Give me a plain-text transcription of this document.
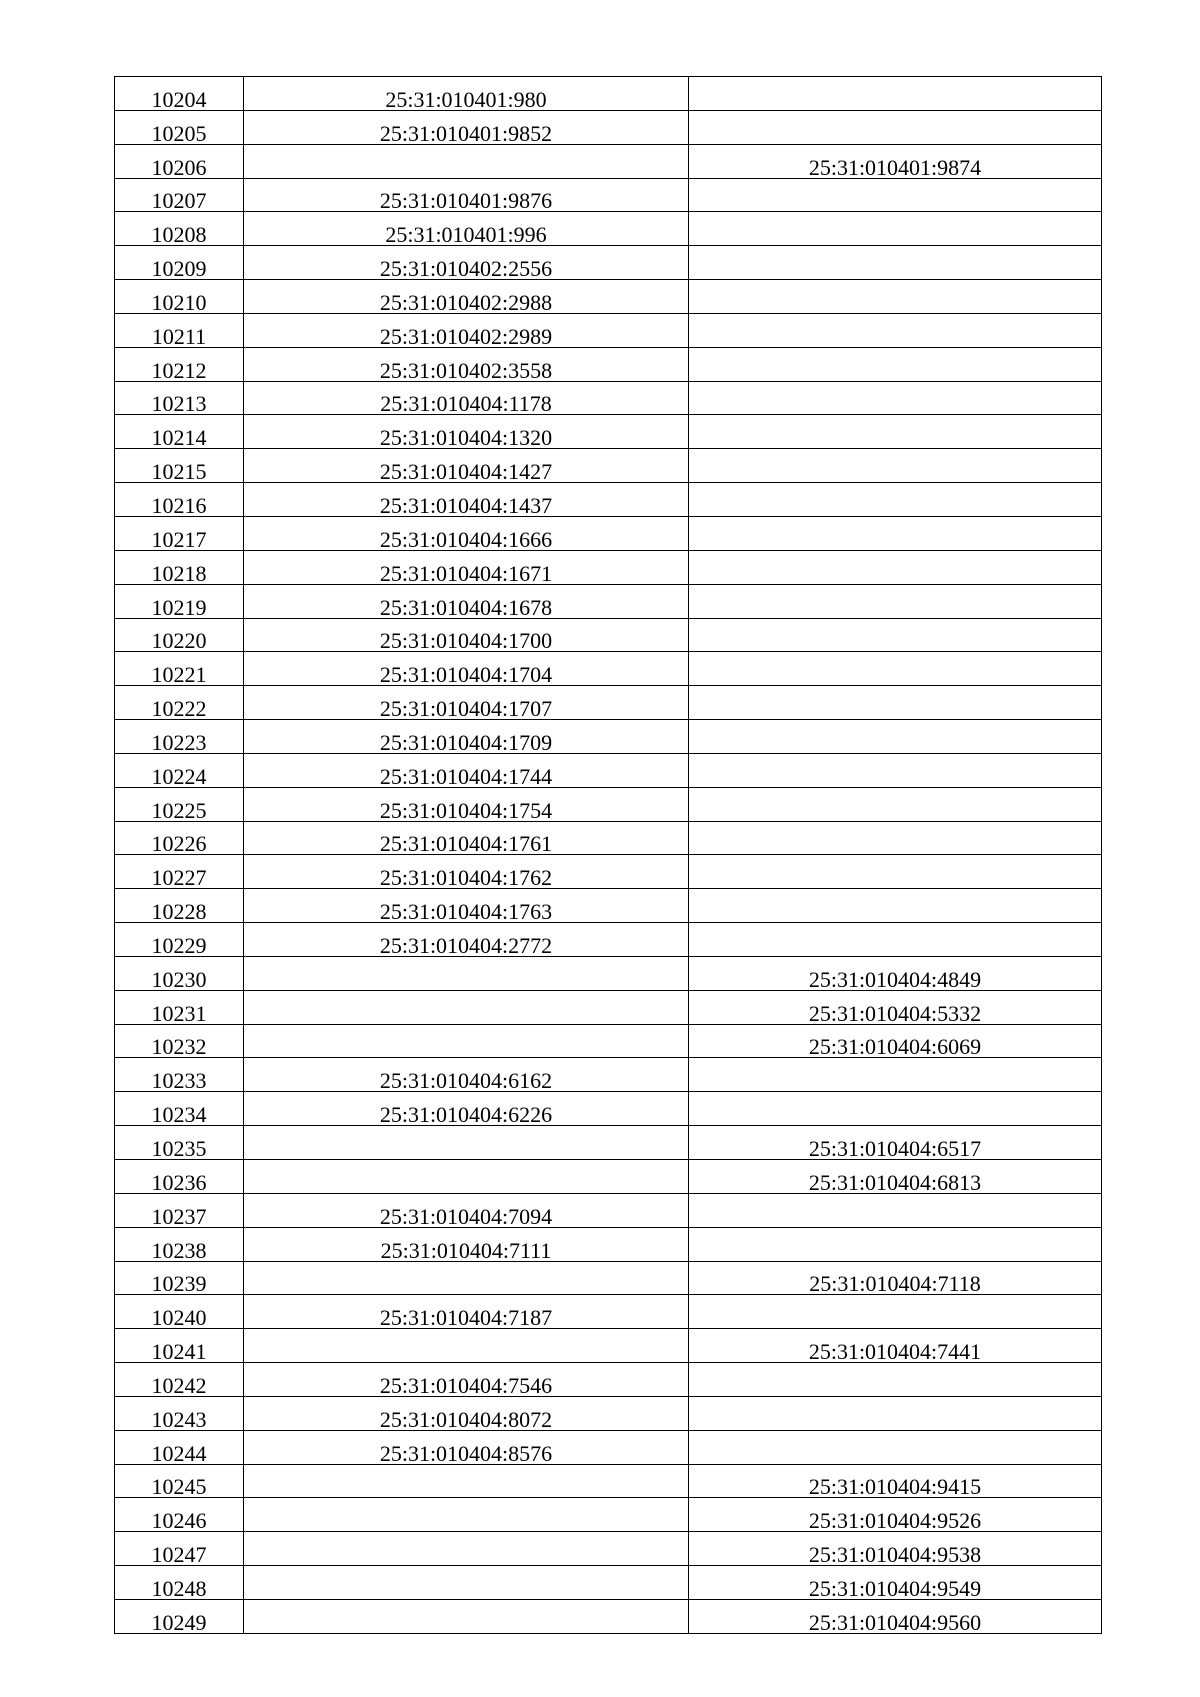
10204	25:31:010401:980	
10205	25:31:010401:9852	
10206		25:31:010401:9874
10207	25:31:010401:9876	
10208	25:31:010401:996	
10209	25:31:010402:2556	
10210	25:31:010402:2988	
10211	25:31:010402:2989	
10212	25:31:010402:3558	
10213	25:31:010404:1178	
10214	25:31:010404:1320	
10215	25:31:010404:1427	
10216	25:31:010404:1437	
10217	25:31:010404:1666	
10218	25:31:010404:1671	
10219	25:31:010404:1678	
10220	25:31:010404:1700	
10221	25:31:010404:1704	
10222	25:31:010404:1707	
10223	25:31:010404:1709	
10224	25:31:010404:1744	
10225	25:31:010404:1754	
10226	25:31:010404:1761	
10227	25:31:010404:1762	
10228	25:31:010404:1763	
10229	25:31:010404:2772	
10230		25:31:010404:4849
10231		25:31:010404:5332
10232		25:31:010404:6069
10233	25:31:010404:6162	
10234	25:31:010404:6226	
10235		25:31:010404:6517
10236		25:31:010404:6813
10237	25:31:010404:7094	
10238	25:31:010404:7111	
10239		25:31:010404:7118
10240	25:31:010404:7187	
10241		25:31:010404:7441
10242	25:31:010404:7546	
10243	25:31:010404:8072	
10244	25:31:010404:8576	
10245		25:31:010404:9415
10246		25:31:010404:9526
10247		25:31:010404:9538
10248		25:31:010404:9549
10249		25:31:010404:9560
